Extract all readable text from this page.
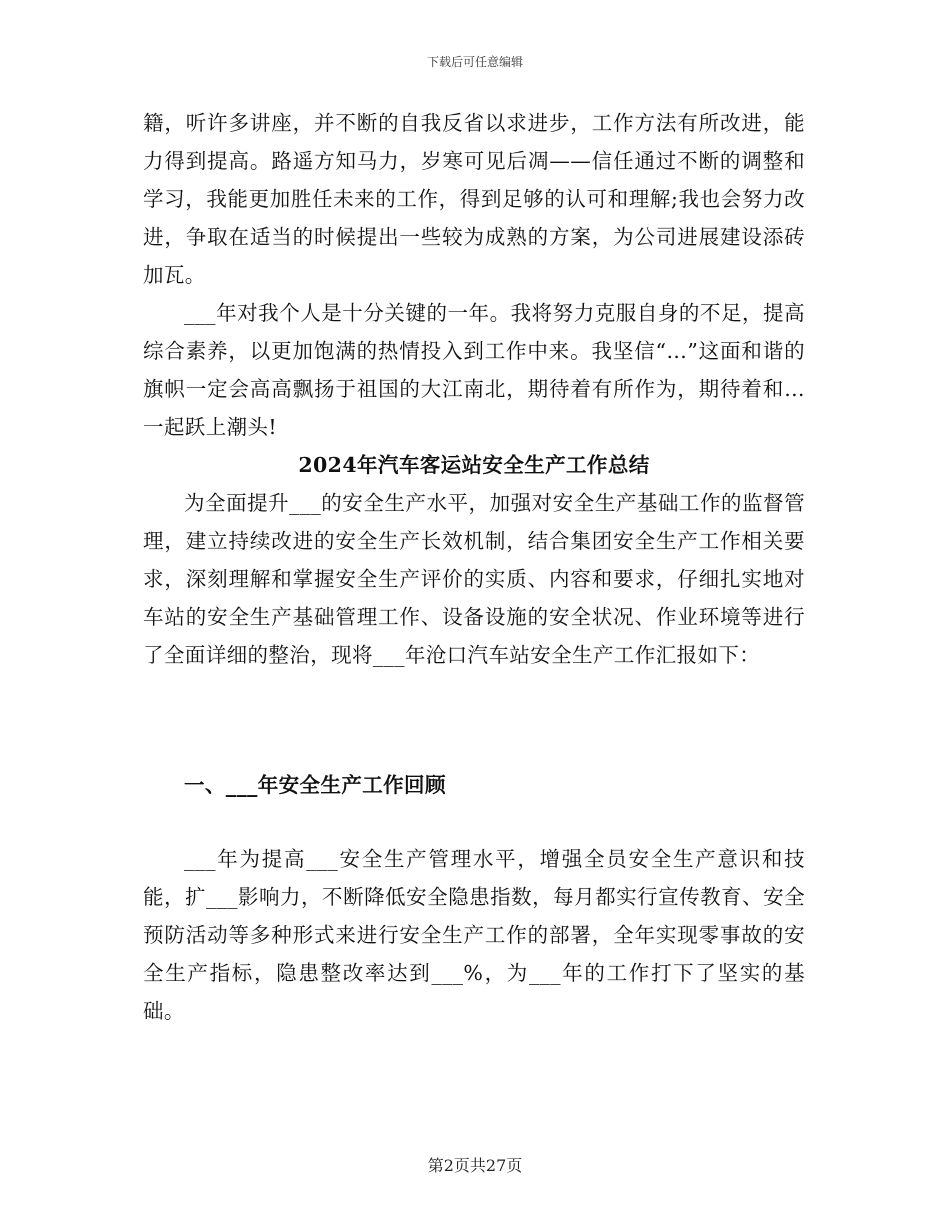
下载后可任意编辑

籍，听许多讲座，并不断的自我反省以求进步，工作方法有所改进，能力得到提高。路遥方知马力，岁寒可见后凋——信任通过不断的调整和学习，我能更加胜任未来的工作，得到足够的认可和理解;我也会努力改进，争取在适当的时候提出一些较为成熟的方案，为公司进展建设添砖加瓦。

___年对我个人是十分关键的一年。我将努力克服自身的不足，提高综合素养，以更加饱满的热情投入到工作中来。我坚信“…”这面和谐的旗帜一定会高高飘扬于祖国的大江南北，期待着有所作为，期待着和…一起跃上潮头!

2024年汽车客运站安全生产工作总结

为全面提升___的安全生产水平，加强对安全生产基础工作的监督管理，建立持续改进的安全生产长效机制，结合集团安全生产工作相关要求，深刻理解和掌握安全生产评价的实质、内容和要求，仔细扎实地对车站的安全生产基础管理工作、设备设施的安全状况、作业环境等进行了全面详细的整治，现将___年沧口汽车站安全生产工作汇报如下：

一、___年安全生产工作回顾

___年为提高___安全生产管理水平，增强全员安全生产意识和技能，扩___影响力，不断降低安全隐患指数，每月都实行宣传教育、安全预防活动等多种形式来进行安全生产工作的部署，全年实现零事故的安全生产指标，隐患整改率达到___%，为___年的工作打下了坚实的基础。

第2页共27页
